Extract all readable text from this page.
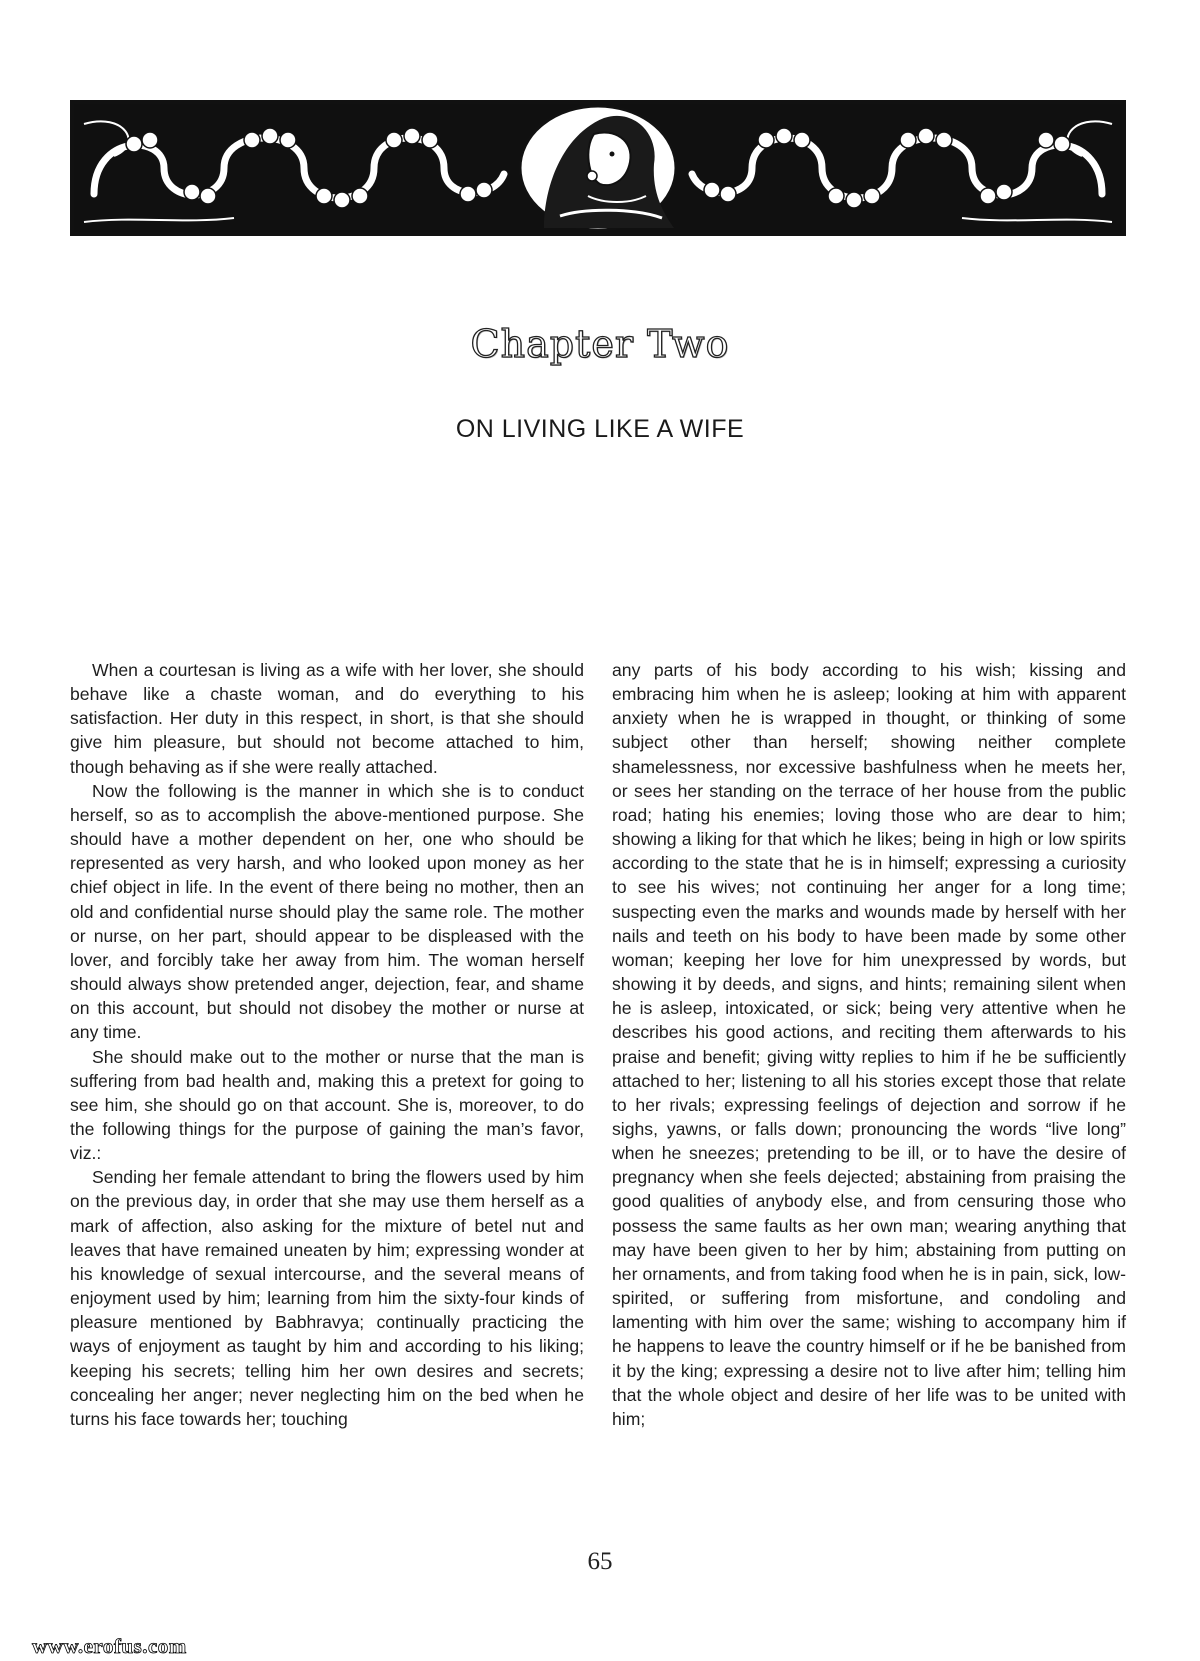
Chapter Two
ON LIVING LIKE A WIFE

When a courtesan is living as a wife with her lover, she should behave like a chaste woman, and do everything to his satisfaction. Her duty in this respect, in short, is that she should give him pleasure, but should not become attached to him, though behaving as if she were really attached.

Now the following is the manner in which she is to conduct herself, so as to accomplish the above-mentioned purpose. She should have a mother dependent on her, one who should be represented as very harsh, and who looked upon money as her chief object in life. In the event of there being no mother, then an old and confidential nurse should play the same role. The mother or nurse, on her part, should appear to be displeased with the lover, and forcibly take her away from him. The woman herself should always show pretended anger, dejection, fear, and shame on this account, but should not disobey the mother or nurse at any time.

She should make out to the mother or nurse that the man is suffering from bad health and, making this a pretext for going to see him, she should go on that account. She is, moreover, to do the following things for the purpose of gaining the man’s favor, viz.:

Sending her female attendant to bring the flowers used by him on the previous day, in order that she may use them herself as a mark of affection, also asking for the mixture of betel nut and leaves that have remained uneaten by him; expressing wonder at his knowledge of sexual intercourse, and the several means of enjoyment used by him; learning from him the sixty-four kinds of pleasure mentioned by Babhravya; continually practicing the ways of enjoyment as taught by him and according to his liking; keeping his secrets; telling him her own desires and secrets; concealing her anger; never neglecting him on the bed when he turns his face towards her; touching

any parts of his body according to his wish; kissing and embracing him when he is asleep; looking at him with apparent anxiety when he is wrapped in thought, or thinking of some subject other than herself; showing neither complete shamelessness, nor excessive bashfulness when he meets her, or sees her standing on the terrace of her house from the public road; hating his enemies; loving those who are dear to him; showing a liking for that which he likes; being in high or low spirits according to the state that he is in himself; expressing a curiosity to see his wives; not continuing her anger for a long time; suspecting even the marks and wounds made by herself with her nails and teeth on his body to have been made by some other woman; keeping her love for him unexpressed by words, but showing it by deeds, and signs, and hints; remaining silent when he is asleep, intoxicated, or sick; being very attentive when he describes his good actions, and reciting them afterwards to his praise and benefit; giving witty replies to him if he be sufficiently attached to her; listening to all his stories except those that relate to her rivals; expressing feelings of dejection and sorrow if he sighs, yawns, or falls down; pronouncing the words “live long” when he sneezes; pretending to be ill, or to have the desire of pregnancy when she feels dejected; abstaining from praising the good qualities of anybody else, and from censuring those who possess the same faults as her own man; wearing anything that may have been given to her by him; abstaining from putting on her ornaments, and from taking food when he is in pain, sick, low-spirited, or suffering from misfortune, and condoling and lamenting with him over the same; wishing to accompany him if he happens to leave the country himself or if he be banished from it by the king; expressing a desire not to live after him; telling him that the whole object and desire of her life was to be united with him;

65
www.erofus.com
